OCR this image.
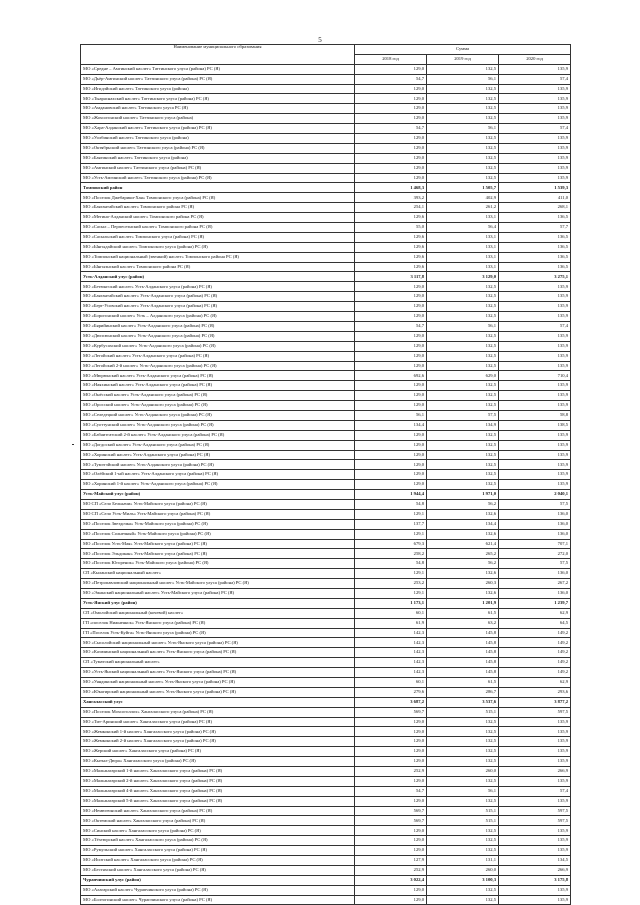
5
Наименование муниципального образования	Сумма		
	2018 год	2019 год	2020 год
МО «Среднe – Амгинский наслег» Таттинского улуса (района) РС (Я)	129,0	132,5	135,9
МО «Дьёр-Амгинский наслег» Таттинского улуса (района) РС (Я)	54,7	56,1	57,4
МО «Игидэйский наслег» Таттинского улуса (района)	129,0	132,5	135,9
МО «Тыараснахский наслег» Таттинского улуса (района) РС (Я)	129,0	132,5	135,9
МО «Амдановский наслег» Таттинского улуса РС (Я)	129,0	132,5	135,9
МО «Жохсогонский наслег» Таттинского улуса (района)	129,0	132,5	135,9
МО «Хара-Алданский наслег» Таттинского улуса (района) РС (Я)	54,7	56,1	57,4
МО «Уолбинский наслег» Таттинского улуса (района)	129,0	132,5	135,9
МО «Октябрьский наслег» Таттинского улуса (района) РС (Я)	129,0	132,5	135,9
МО «Баягинский наслег» Таттинского улуса (района)	129,0	132,5	135,9
МО «Амгинский наслег» Таттинского улуса (района) РС (Я)	129,0	132,5	135,9
МО «Усть-Амгинский наслег» Таттинского улуса (района) РС (Я)	129,0	132,5	135,9
Томпонский район	1 468,3	1 505,7	1 539,3
МО «Поселок Джебарики-Хая» Томпонского улуса (района) РС (Я)	393,2	402,9	411,0
МО «Баягантайский наслег» Томпонского района РС (Я)	254,1	261,2	268,1
МО «Мегино-Алданский наслег» Томпонского района РС (Я)	129,6	133,1	136,5
МО «Сасыл – Перпесеэнский наслег» Томпонского района РС (Я)	55,0	56,4	57,7
МО «Сасыльский наслег» Томпонского улуса (района) РС (Я)	129,6	133,1	136,5
МО «Ынгыдайский наслег» Томпонского улуса (района) РС (Я)	129,6	133,1	136,5
МО «Томпонский национальный (эвенкий) наслег» Томпонского района РС (Я)	129,6	133,1	136,5
МО «Ынгыэнский наслег» Томпонского района РС (Я)	129,6	133,1	136,5
Усть-Алданский улус (район)	3 117,8	3 129,0	3 275,1
МО «Бетюнгский наслег» Усть-Алданского улуса (района) РС (Я)	129,0	132,5	135,9
МО «Баягантайский наслег» Усть-Алданского улуса (района) РС (Я)	129,0	132,5	135,9
МО «Берт-Усовский наслег» Усть-Алданского улуса (района) РС (Я)	129,0	132,5	135,9
МО «Борогонский наслег» Усть – Алданского улуса (района) РС (Я)	129,0	132,5	135,9
МО «Бярийинский наслег» Усть-Алданского улуса (района) РС (Я)	54,7	56,1	57,4
МО «Дюпсюнский наслег» Усть-Алданского улуса (района) РС (Я)	129,0	132,5	135,9
МО «Курбусахский наслег» Усть-Алданского улуса (района) РС (Я)	129,0	132,5	135,9
МО «Легойский наслег» Усть-Алданского улуса (района) РС (Я)	129,0	132,5	135,9
МО «Легойский 2-й наслег» Усть-Алданского улуса (района) РС (Я)	129,0	132,5	135,9
МО «Мюрюнский наслег» Усть-Алданского улуса (района) РС (Я)	692,6	629,0	710,4
МО «Наяхинский наслег» Усть-Алданского улуса (района) РС (Я)	129,0	132,5	135,9
МО «Онёсский наслег» Усть-Алданского улуса (района) РС (Я)	129,0	132,5	135,9
МО «Оросский наслег» Усть-Алданского улуса (района) РС (Я)	129,0	132,5	135,9
МО «Селедецкий наслег» Усть-Алданского улуса (района) РС (Я)	56,1	57,5	58,8
МО «Суоттунский наслег» Усть-Алданского улуса (района) РС (Я)	134,4	134,9	138,5
МО «Бабаитгатский 2-й наслег» Усть-Алданского улуса (района) РС (Я)	129,0	132,5	135,9
МО «Догдоский наслег» Усть-Алданского улуса (района) РС (Я)	129,0	132,5	135,9
МО «Хоринский наслег» Усть-Алданского улуса (района) РС (Я)	129,0	132,5	135,9
МО «Тумэтэйский наслег» Усть-Алданского улуса (района) РС (Я)	129,0	132,5	135,9
МО «Олёйский 1-ый наслег» Усть-Алданского улуса (района) РС (Я)	129,0	132,5	135,9
МО «Хоринский 1-й наслег» Усть-Алданского улуса (района) РС (Я)	129,0	132,5	135,9
Усть-Майский улус (район)	1 944,4	1 971,0	2 040,1
МО СП «Село Белькачи» Усть-Майского улуса (района) РС (Я)	54,8	56,2	57,5
МО СП «Село Усть-Миль» Усть-Майского улуса (района) РС (Я)	129,1	132,6	136,0
МО «Поселок Звездочка» Усть-Майского улуса (района) РС (Я)	137,7	134,4	136,0
МО «Поселок Солнечный» Усть-Майского улуса (района) РС (Я)	129,1	132,6	136,0
МО «Поселок Усть-Мая» Усть-Майского улуса (района) РС (Я)	679,3	621,4	707,1
МО «Поселок Эльдикан» Усть-Майского улуса (района) РС (Я)	258,2	265,2	272,0
МО «Поселок Югоренок» Усть-Майского улуса (района) РС (Я)	54,8	56,2	57,5
СП «Кыланский национальный наслег»	129,1	132,6	136,0
МО «Петропавловский национальный наслег» Усть-Майского улуса (района) РС (Я)	253,2	260,3	267,2
МО «Эжанский национальный наслег» Усть-Майского улуса (района) РС (Я)	129,1	132,6	136,0
Усть-Янский улус (район)	1 173,1	1 201,9	1 239,7
СП «Омолойский национальный (кочевой) наслег»	60,1	61,5	62,9
ГП «поселок Нижнеянск» Усть-Янского улуса (района) РС (Я)	61,9	63,2	64,5
ГП «Поселок Усть-Куйга» Усть-Янского улуса (района) РС (Я)	142,3	145,8	149,2
МО «Сысолойский национальный наслег» Усть-Янского улуса (района) РС (Я)	142,3	145,8	149,2
МО «Казачинский национальный наслег» Усть-Янского улуса (района) РС (Я)	142,3	145,8	149,2
СП «Туматский национальный наслег»	142,3	145,8	149,2
МО «Усть-Янский национальный наслег» Усть-Янского улуса (района) РС (Я)	142,3	145,8	149,2
МО «Уяндинский национальный наслег» Усть-Янского улуса (района) РС (Я)	60,1	61,5	62,9
МО «Юкагирский национальный наслег» Усть-Янского улуса (района) РС (Я)	279,6	286,7	293,6
Хангаласский улус	3 687,2	3 537,6	3 877,2
МО «Поселок Мохсоголлох» Хангаласского улуса (района) РС (Я)	569,7	515,1	597,5
МО «Тит-Аринский наслег» Хангаласского улуса (района) РС (Я)	129,0	132,5	135,9
МО «Жемконский 1-й наслег» Хангаласского улуса (района) РС (Я)	129,0	132,5	135,9
МО «Жемконский 2-й наслег» Хангаласского улуса (района) РС (Я)	129,0	132,5	135,9
МО «Жерский наслег» Хангаласского улуса (района) РС (Я)	129,0	132,5	135,9
МО «Кытыл-Дюра» Хангаласского улуса (района) РС (Я)	129,0	132,5	135,9
МО «Мальжагарский 1-й наслег» Хангаласского улуса (района) РС (Я)	252,9	260,0	266,9
МО «Мальжагарский 2-й наслег» Хангаласского улуса (района) РС (Я)	129,0	132,5	135,9
МО «Мальжагарский 4-й наслег» Хангаласского улуса (района) РС (Я)	54,7	56,1	57,4
МО «Мальжагарский 5-й наслег» Хангаласского улуса (района) РС (Я)	129,0	132,5	135,9
МО «Немюгюнский наслег» Хангаласского улуса (района) РС (Я)	569,7	515,1	597,5
МО «Октемский наслег» Хангаласского улуса (района) РС (Я)	569,7	515,1	597,5
МО «Синский наслег» Хангаласского улуса (района) РС (Я)	129,0	132,5	135,9
МО «Тёхтюрский наслег» Хангаласского улуса (района) РС (Я)	129,0	132,5	135,9
МО «Румульский наслег» Хангаласского улуса (района) РС (Я)	129,0	132,5	135,9
МО «Иситский наслег» Хангаласского улуса (района) РС (Я)	127,9	131,1	134,5
МО «Бестяхский наслег» Хангаласского улуса (района) РС (Я)	252,9	260,0	266,9
Чурапчинский улус (район)	3 022,4	3 100,3	3 175,8
МО «Алагарский наслег» Чурапчинского улуса (района) РС (Я)	129,0	132,5	135,9
МО «Болтогинский наслег» Чурапчинского улуса (района) РС (Я)	129,0	132,5	135,9
